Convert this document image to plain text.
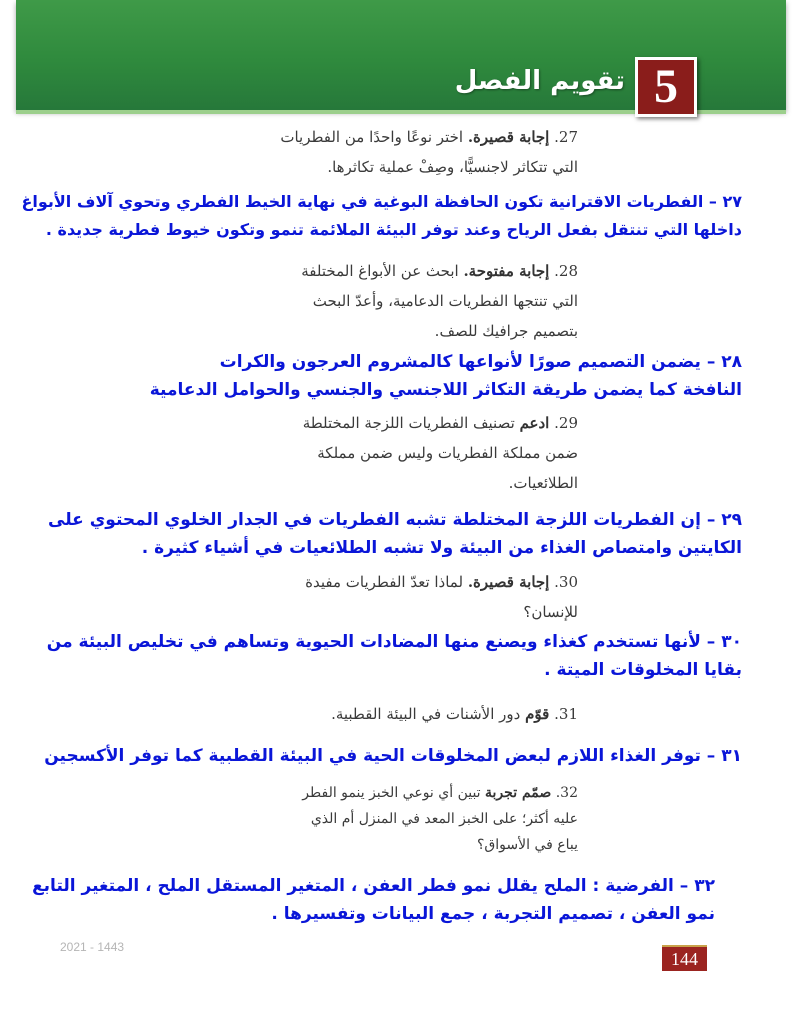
5
تقويم الفصل
27. إجابة قصيرة. اختر نوعًا واحدًا من الفطريات
التي تتكاثر لاجنسيًّا، وصِفْ عملية تكاثرها.
٢٧ – الفطريات الاقترانية تكون الحافظة البوغية في نهاية الخيط الفطري وتحوي آلاف الأبواغ
داخلها التي تنتقل بفعل الرياح وعند توفر البيئة الملائمة تنمو وتكون خيوط فطرية جديدة .
28. إجابة مفتوحة. ابحث عن الأبواغ المختلفة
التي تنتجها الفطريات الدعامية، وأعدّ البحث
بتصميم جرافيك للصف.
٢٨ – يضمن التصميم صورًا لأنواعها كالمشروم العرجون والكرات
النافخة كما يضمن طريقة التكاثر اللاجنسي والجنسي والحوامل الدعامية
29. ادعم تصنيف الفطريات اللزجة المختلطة
ضمن مملكة الفطريات وليس ضمن مملكة
الطلائعيات.
٢٩ – إن الفطريات اللزجة المختلطة تشبه الفطريات في الجدار الخلوي المحتوي على
الكايتين وامتصاص الغذاء من البيئة ولا تشبه الطلائعيات في أشياء كثيرة .
30. إجابة قصيرة. لماذا تعدّ الفطريات مفيدة
للإنسان؟
٣٠ – لأنها تستخدم كغذاء ويصنع منها المضادات الحيوية وتساهم في تخليص البيئة من
بقايا المخلوقات الميتة .
31. قوّم دور الأشنات في البيئة القطبية.
٣١ – توفر الغذاء اللازم لبعض المخلوقات الحية في البيئة القطبية كما توفر الأكسجين
32. صمّم تجربة تبين أي نوعي الخبز ينمو الفطر
عليه أكثر؛ على الخبز المعد في المنزل أم الذي
يباع في الأسواق؟
٣٢ – الفرضية : الملح يقلل نمو فطر العفن ، المتغير المستقل الملح ، المتغير التابع
نمو العفن ، تصميم التجربة ، جمع البيانات وتفسيرها .
2021 - 1443
144
